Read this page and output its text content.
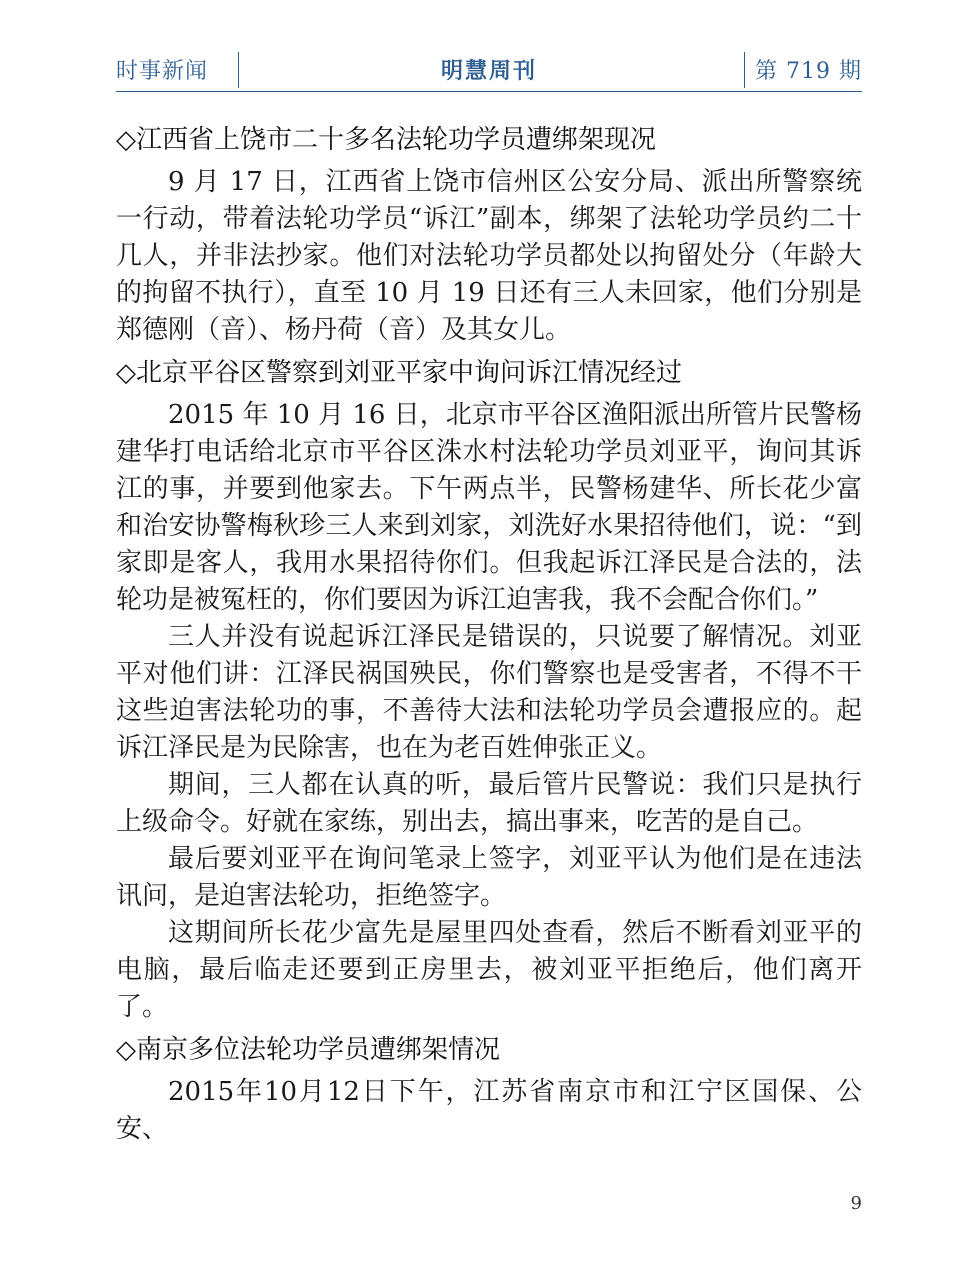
时事新闻	明慧周刊	第 719 期
◇江西省上饶市二十多名法轮功学员遭绑架现况

9 月 17 日，江西省上饶市信州区公安分局、派出所警察统一行动，带着法轮功学员“诉江”副本，绑架了法轮功学员约二十几人，并非法抄家。他们对法轮功学员都处以拘留处分（年龄大的拘留不执行），直至 10 月 19 日还有三人未回家，他们分别是郑德刚（音）、杨丹荷（音）及其女儿。

◇北京平谷区警察到刘亚平家中询问诉江情况经过

2015 年 10 月 16 日，北京市平谷区渔阳派出所管片民警杨建华打电话给北京市平谷区洙水村法轮功学员刘亚平，询问其诉江的事，并要到他家去。下午两点半，民警杨建华、所长花少富和治安协警梅秋珍三人来到刘家，刘洗好水果招待他们，说：“到家即是客人，我用水果招待你们。但我起诉江泽民是合法的，法轮功是被冤枉的，你们要因为诉江迫害我，我不会配合你们。”

三人并没有说起诉江泽民是错误的，只说要了解情况。刘亚平对他们讲：江泽民祸国殃民，你们警察也是受害者，不得不干这些迫害法轮功的事，不善待大法和法轮功学员会遭报应的。起诉江泽民是为民除害，也在为老百姓伸张正义。

期间，三人都在认真的听，最后管片民警说：我们只是执行上级命令。好就在家练，别出去，搞出事来，吃苦的是自己。

最后要刘亚平在询问笔录上签字，刘亚平认为他们是在违法讯问，是迫害法轮功，拒绝签字。

这期间所长花少富先是屋里四处查看，然后不断看刘亚平的电脑，最后临走还要到正房里去，被刘亚平拒绝后，他们离开了。

◇南京多位法轮功学员遭绑架情况

2015年10月12日下午，江苏省南京市和江宁区国保、公安、

9
